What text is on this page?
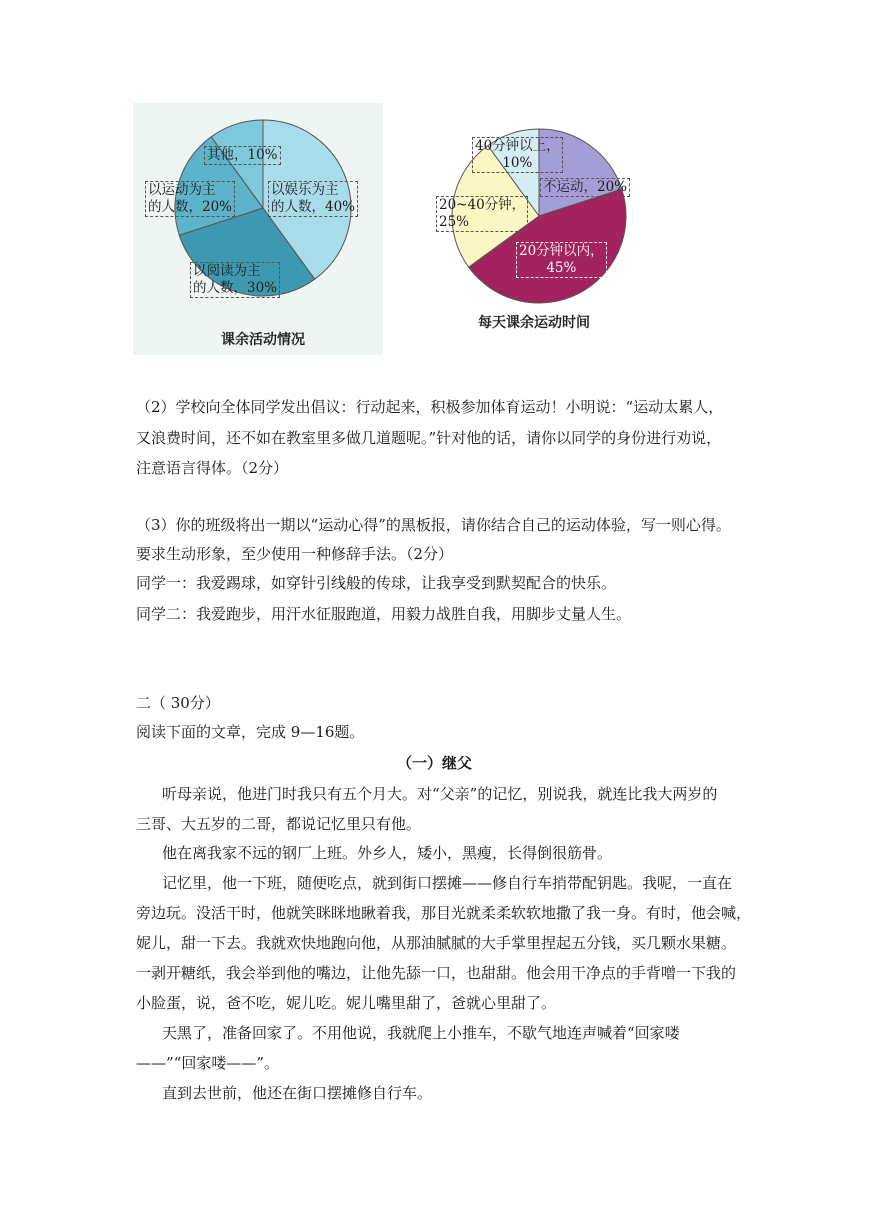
其他，10%
以运动为主
的人数，20%
以娱乐为主
的人数，40%
以阅读为主
的人数，30%
课余活动情况
40分钟以上，
10%
不运动，20%
20~40分钟，
25%
20分钟以内，
45%
每天课余运动时间
（2）学校向全体同学发出倡议：行动起来，积极参加体育运动！小明说：“运动太累人，
又浪费时间，还不如在教室里多做几道题呢。”针对他的话，请你以同学的身份进行劝说，
注意语言得体。（2分）
（3）你的班级将出一期以“运动心得”的黑板报，请你结合自己的运动体验，写一则心得。
要求生动形象，至少使用一种修辞手法。（2分）
同学一：我爱踢球，如穿针引线般的传球，让我享受到默契配合的快乐。
同学二：我爱跑步，用汗水征服跑道，用毅力战胜自我，用脚步丈量人生。
二（ 30分）
阅读下面的文章，完成 9—16题。
（一）继父
听母亲说，他进门时我只有五个月大。对“父亲”的记忆，别说我，就连比我大两岁的
三哥、大五岁的二哥，都说记忆里只有他。
他在离我家不远的钢厂上班。外乡人，矮小，黑瘦，长得倒很筋骨。
记忆里，他一下班，随便吃点，就到街口摆摊——修自行车捎带配钥匙。我呢，一直在
旁边玩。没活干时，他就笑眯眯地瞅着我，那目光就柔柔软软地撒了我一身。有时，他会喊，
妮儿，甜一下去。我就欢快地跑向他，从那油腻腻的大手掌里捏起五分钱，买几颗水果糖。
一剥开糖纸，我会举到他的嘴边，让他先舔一口，也甜甜。他会用干净点的手背噌一下我的
小脸蛋，说，爸不吃，妮儿吃。妮儿嘴里甜了，爸就心里甜了。
天黑了，准备回家了。不用他说，我就爬上小推车，不歇气地连声喊着“回家喽
——”“回家喽——”。
直到去世前，他还在街口摆摊修自行车。
